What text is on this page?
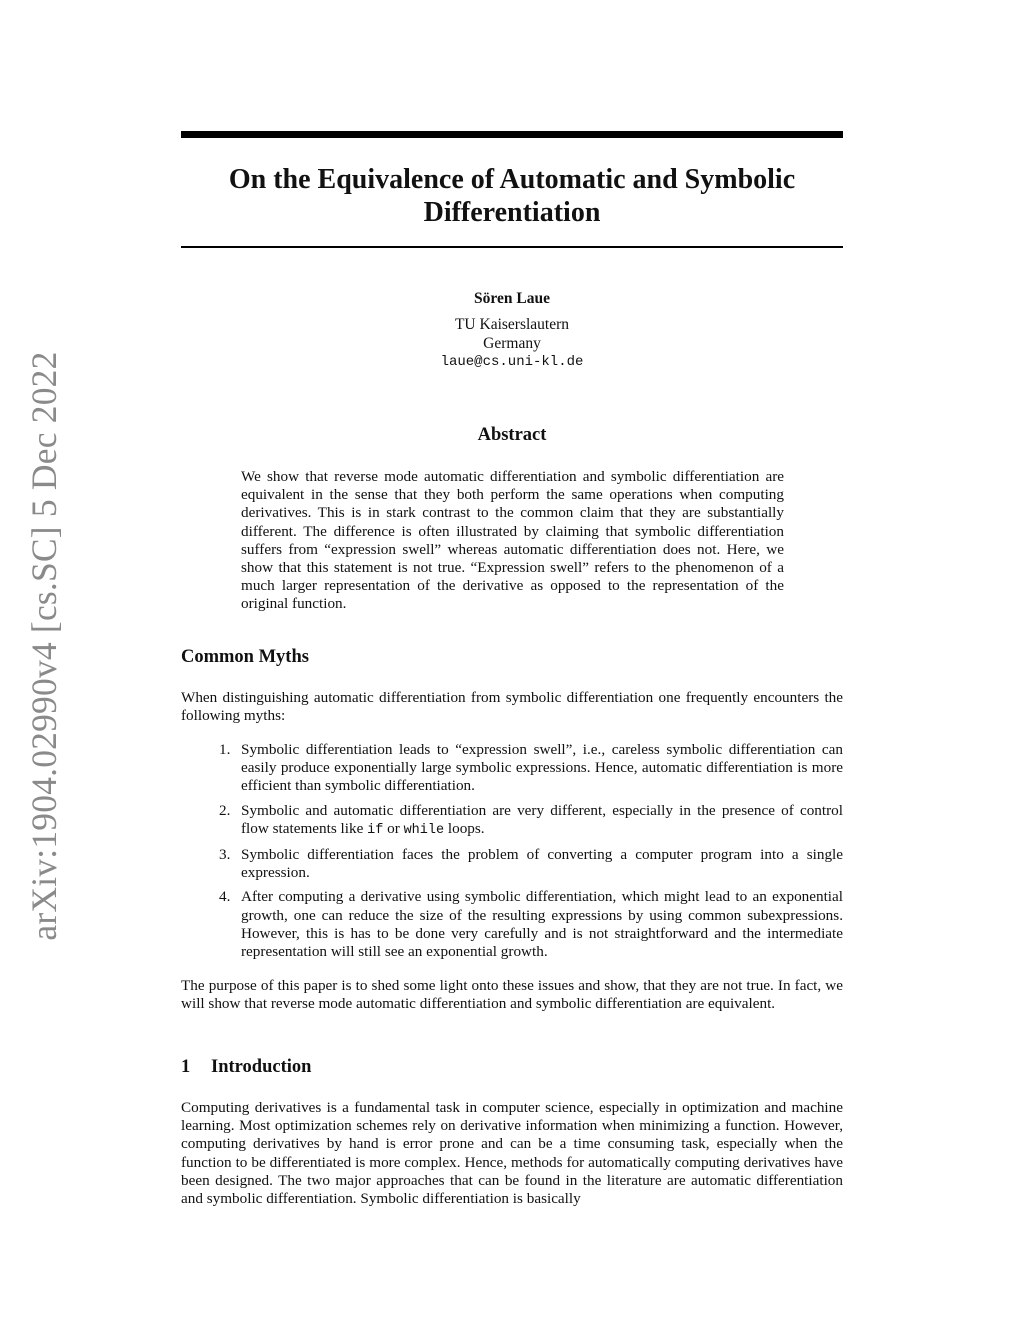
arXiv:1904.02990v4 [cs.SC] 5 Dec 2022
On the Equivalence of Automatic and Symbolic
Differentiation
Sören Laue
TU Kaiserslautern
Germany
laue@cs.uni-kl.de
Abstract

We show that reverse mode automatic differentiation and symbolic differentiation are equivalent in the sense that they both perform the same operations when computing derivatives. This is in stark contrast to the common claim that they are substantially different. The difference is often illustrated by claiming that symbolic differentiation suffers from “expression swell” whereas automatic differentiation does not. Here, we show that this statement is not true. “Expression swell” refers to the phenomenon of a much larger representation of the derivative as opposed to the representation of the original function.

Common Myths

When distinguishing automatic differentiation from symbolic differentiation one frequently encounters the following myths:

1. Symbolic differentiation leads to “expression swell”, i.e., careless symbolic differentiation can easily produce exponentially large symbolic expressions. Hence, automatic differentiation is more efficient than symbolic differentiation.
2. Symbolic and automatic differentiation are very different, especially in the presence of control flow statements like if or while loops.
3. Symbolic differentiation faces the problem of converting a computer program into a single expression.
4. After computing a derivative using symbolic differentiation, which might lead to an exponential growth, one can reduce the size of the resulting expressions by using common subexpressions. However, this is has to be done very carefully and is not straightforward and the intermediate representation will still see an exponential growth.

The purpose of this paper is to shed some light onto these issues and show, that they are not true. In fact, we will show that reverse mode automatic differentiation and symbolic differentiation are equivalent.

1 Introduction

Computing derivatives is a fundamental task in computer science, especially in optimization and machine learning. Most optimization schemes rely on derivative information when minimizing a function. However, computing derivatives by hand is error prone and can be a time consuming task, especially when the function to be differentiated is more complex. Hence, methods for automatically computing derivatives have been designed. The two major approaches that can be found in the literature are automatic differentiation and symbolic differentiation. Symbolic differentiation is basically
